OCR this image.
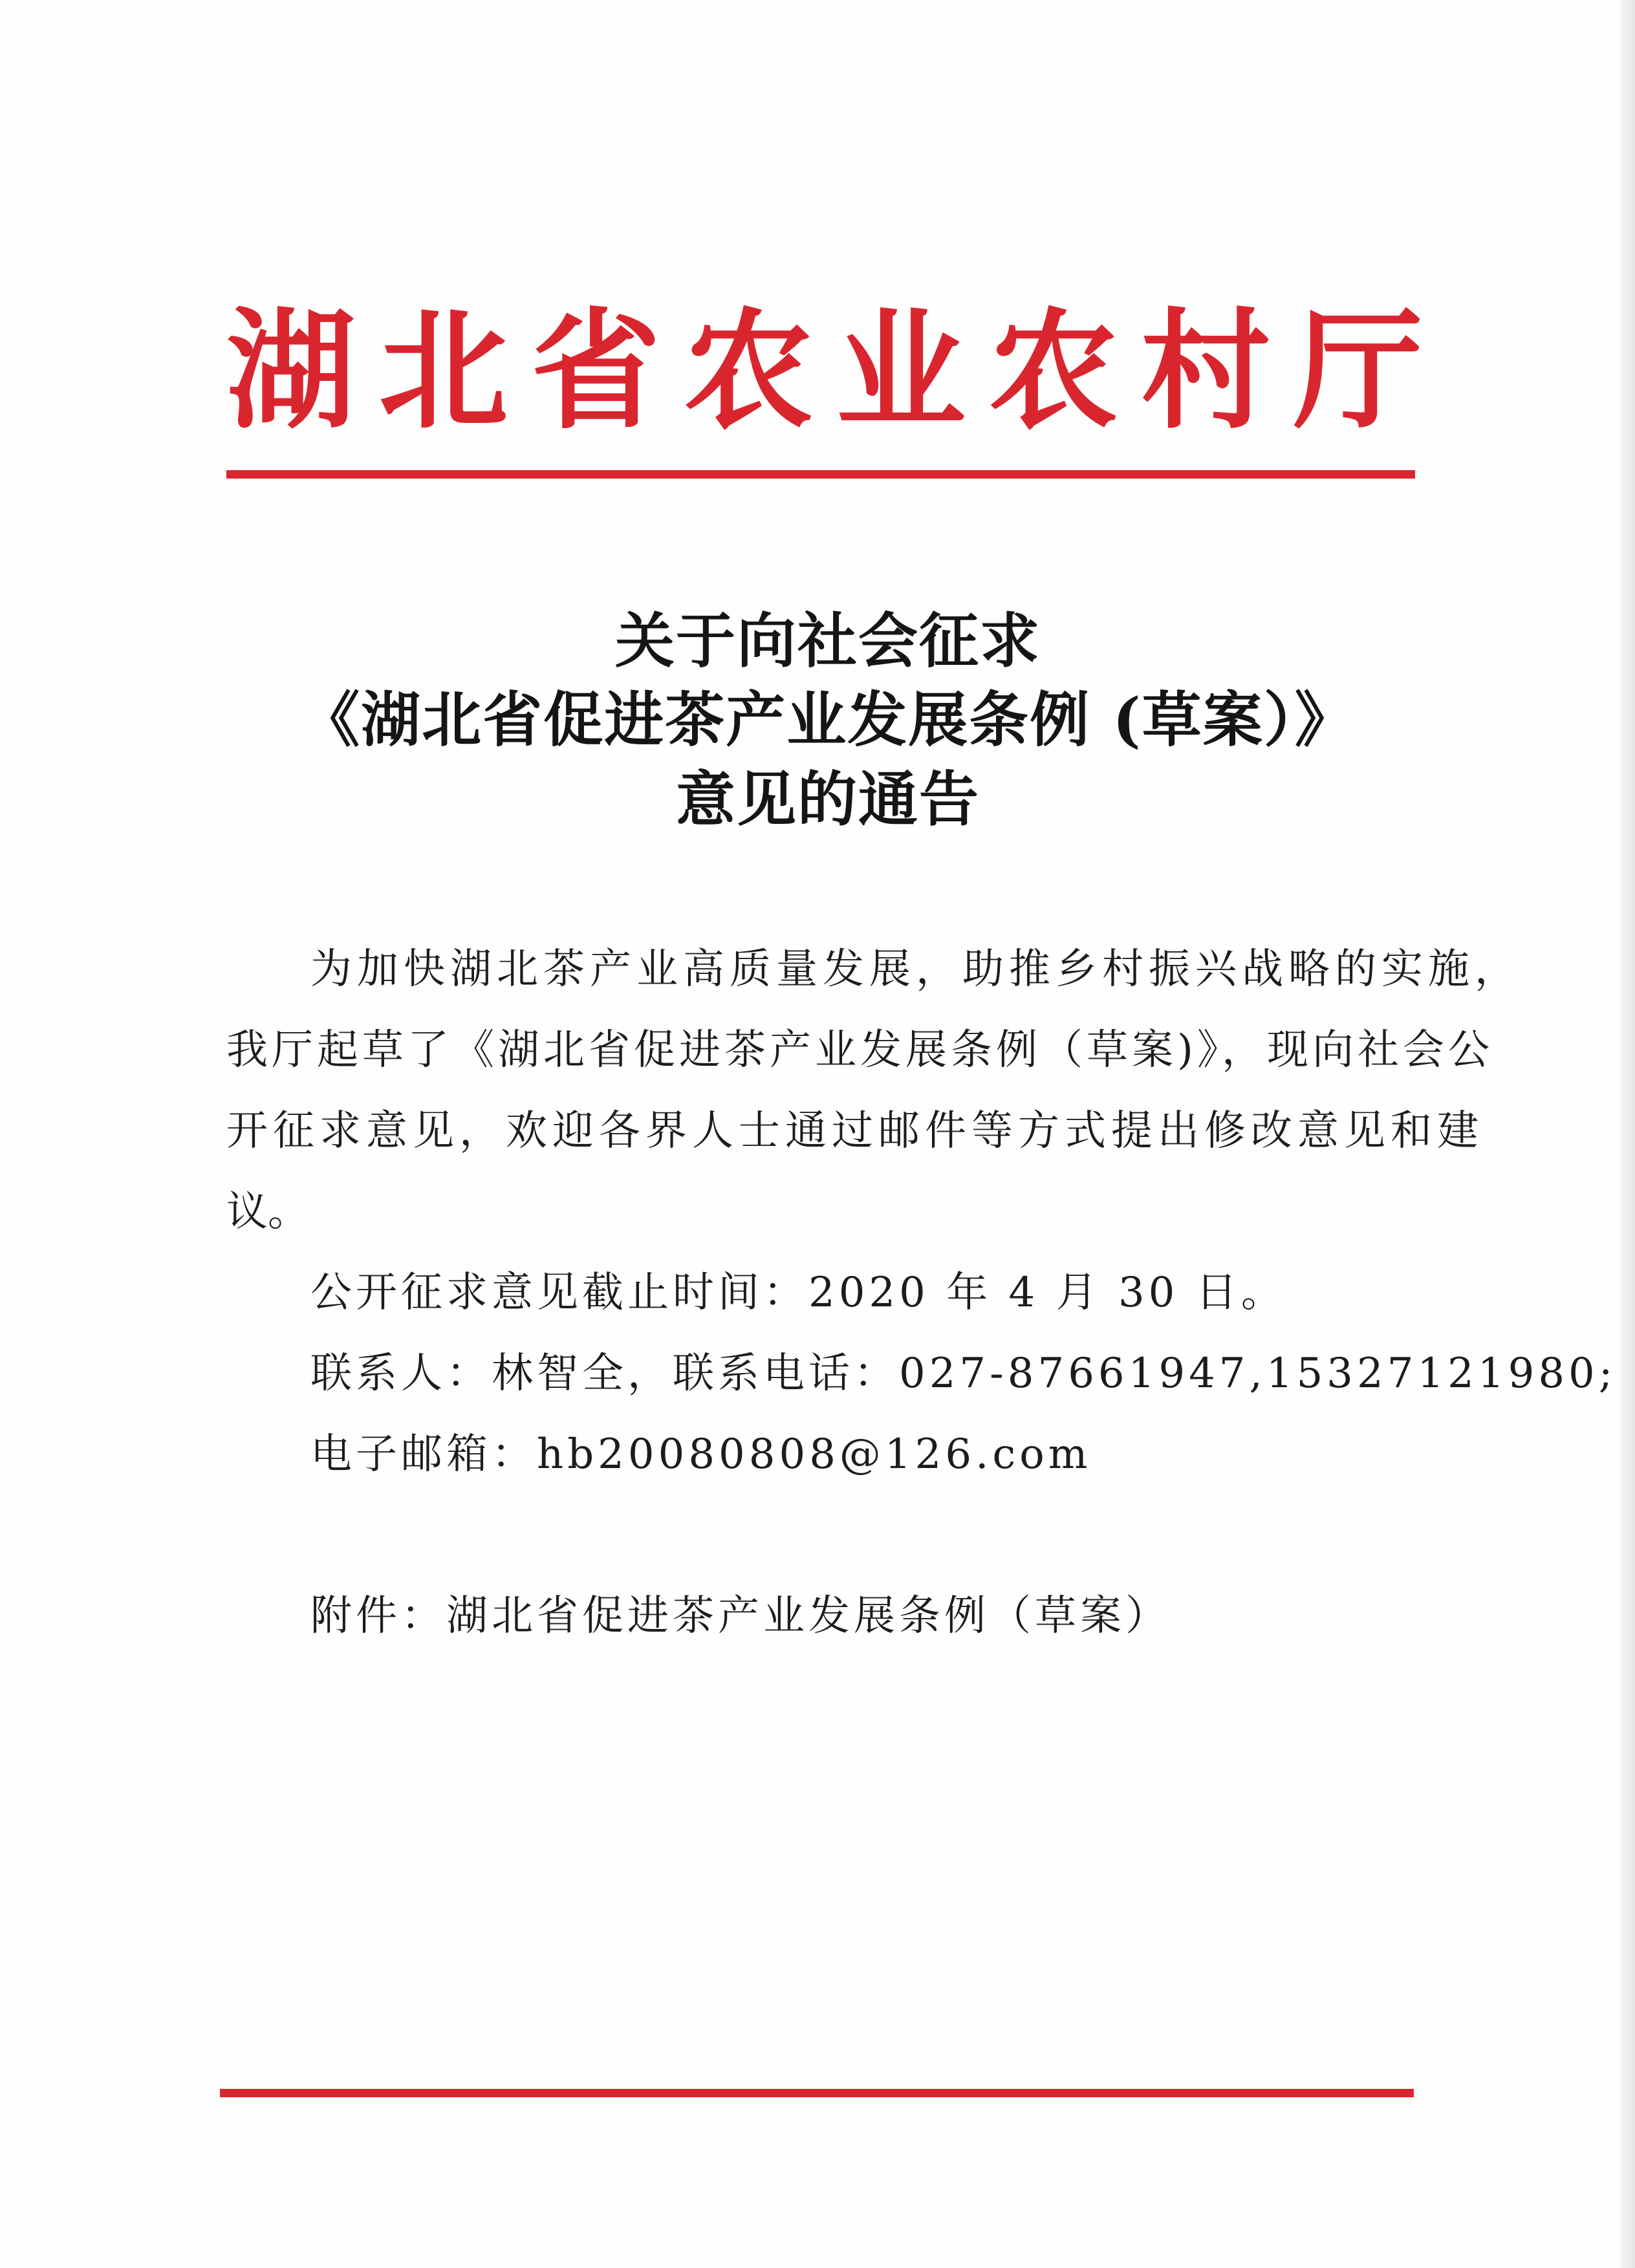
湖 北 省 农 业 农 村 厅
关于向社会征求
《湖北省促进茶产业发展条例 (草案）》
意见的通告
为加快湖北茶产业高质量发展，助推乡村振兴战略的实施，
我厅起草了《湖北省促进茶产业发展条例（草案)》，现向社会公
开征求意见，欢迎各界人士通过邮件等方式提出修改意见和建
议。
公开征求意见截止时间：2020 年 4 月 30 日。
联系人：林智全，联系电话：027-87661947,15327121980;
电子邮箱：hb20080808@126.com
附件：湖北省促进茶产业发展条例（草案）
